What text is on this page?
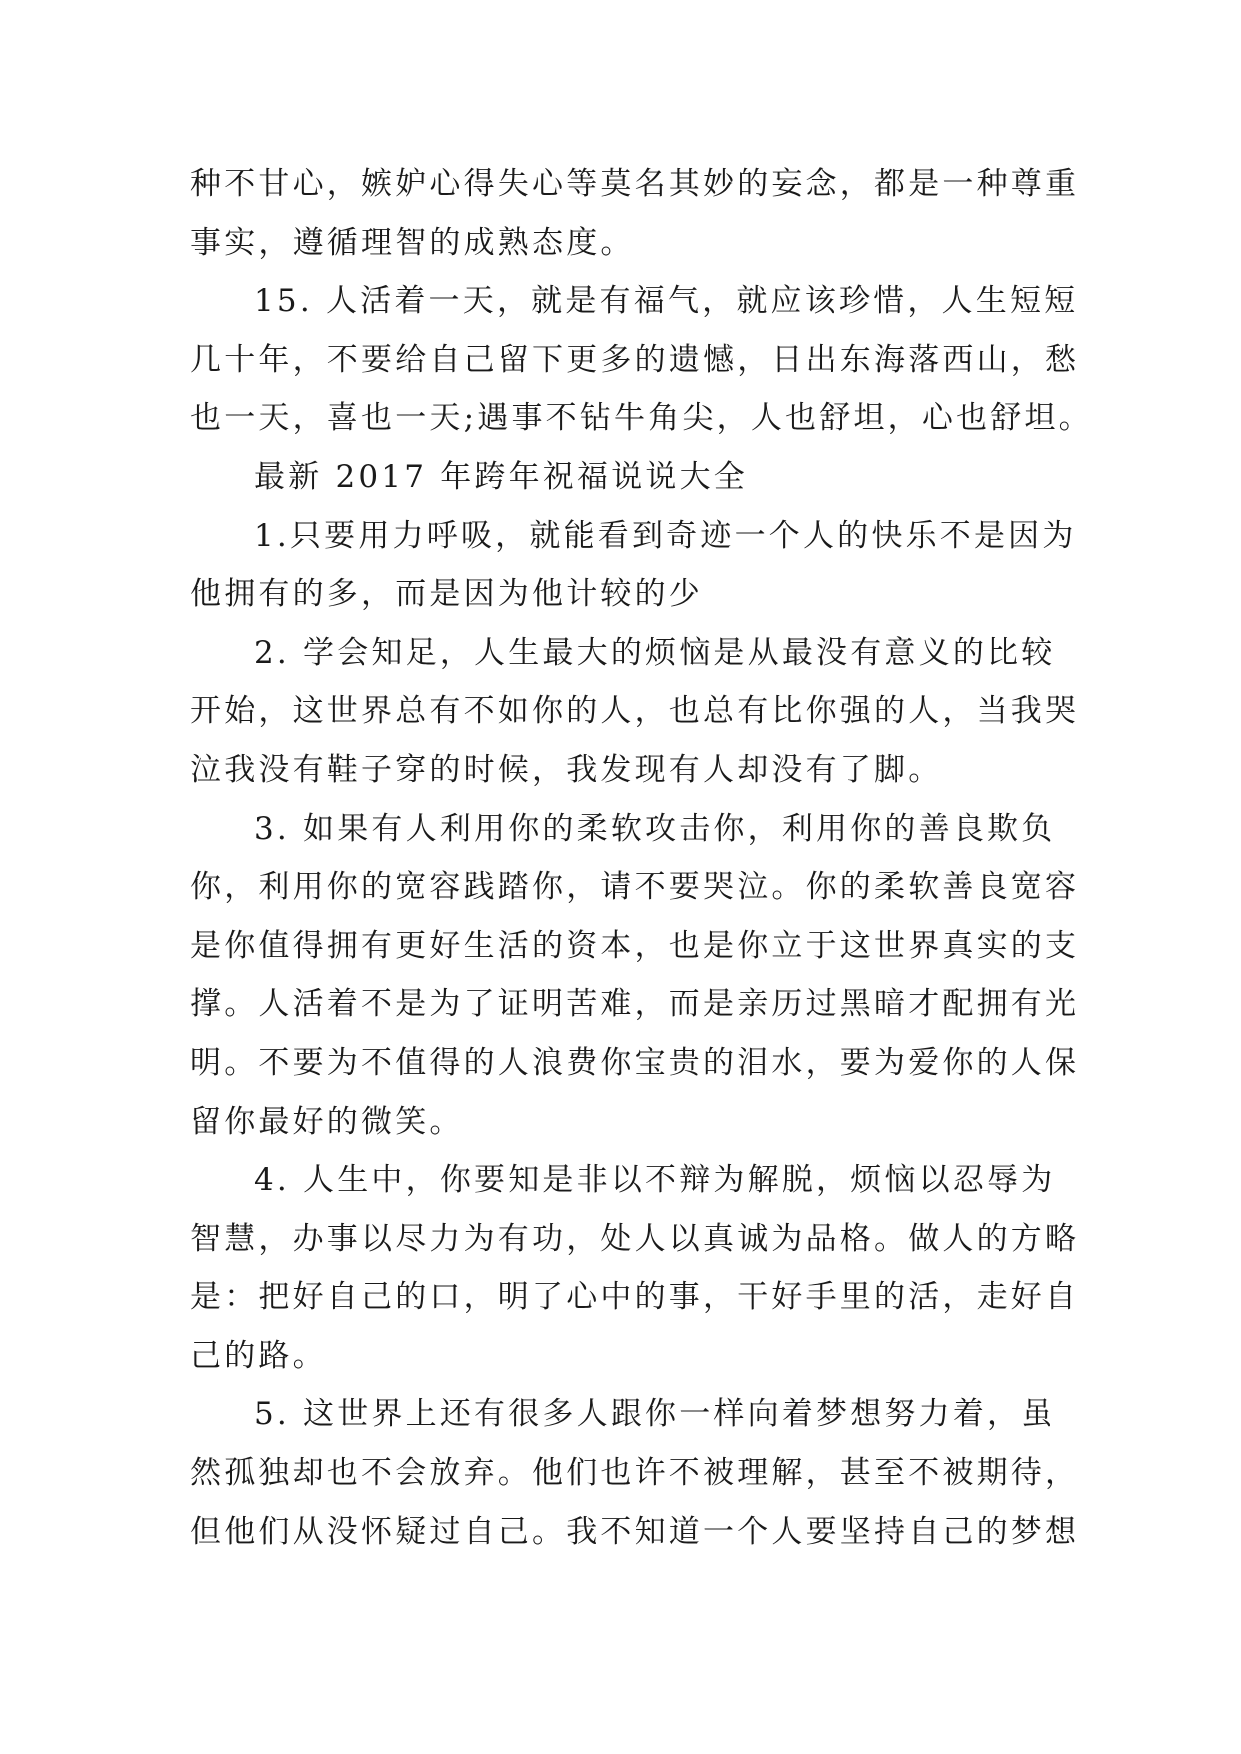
种不甘心，嫉妒心得失心等莫名其妙的妄念，都是一种尊重
事实，遵循理智的成熟态度。
15. 人活着一天，就是有福气，就应该珍惜，人生短短
几十年，不要给自己留下更多的遗憾，日出东海落西山，愁
也一天，喜也一天;遇事不钻牛角尖，人也舒坦，心也舒坦。
最新 2017 年跨年祝福说说大全
1.只要用力呼吸，就能看到奇迹一个人的快乐不是因为
他拥有的多，而是因为他计较的少
2. 学会知足，人生最大的烦恼是从最没有意义的比较
开始，这世界总有不如你的人，也总有比你强的人，当我哭
泣我没有鞋子穿的时候，我发现有人却没有了脚。
3. 如果有人利用你的柔软攻击你，利用你的善良欺负
你，利用你的宽容践踏你，请不要哭泣。你的柔软善良宽容
是你值得拥有更好生活的资本，也是你立于这世界真实的支
撑。人活着不是为了证明苦难，而是亲历过黑暗才配拥有光
明。不要为不值得的人浪费你宝贵的泪水，要为爱你的人保
留你最好的微笑。
4. 人生中，你要知是非以不辩为解脱，烦恼以忍辱为
智慧，办事以尽力为有功，处人以真诚为品格。做人的方略
是：把好自己的口，明了心中的事，干好手里的活，走好自
己的路。
5. 这世界上还有很多人跟你一样向着梦想努力着，虽
然孤独却也不会放弃。他们也许不被理解，甚至不被期待，
但他们从没怀疑过自己。我不知道一个人要坚持自己的梦想
